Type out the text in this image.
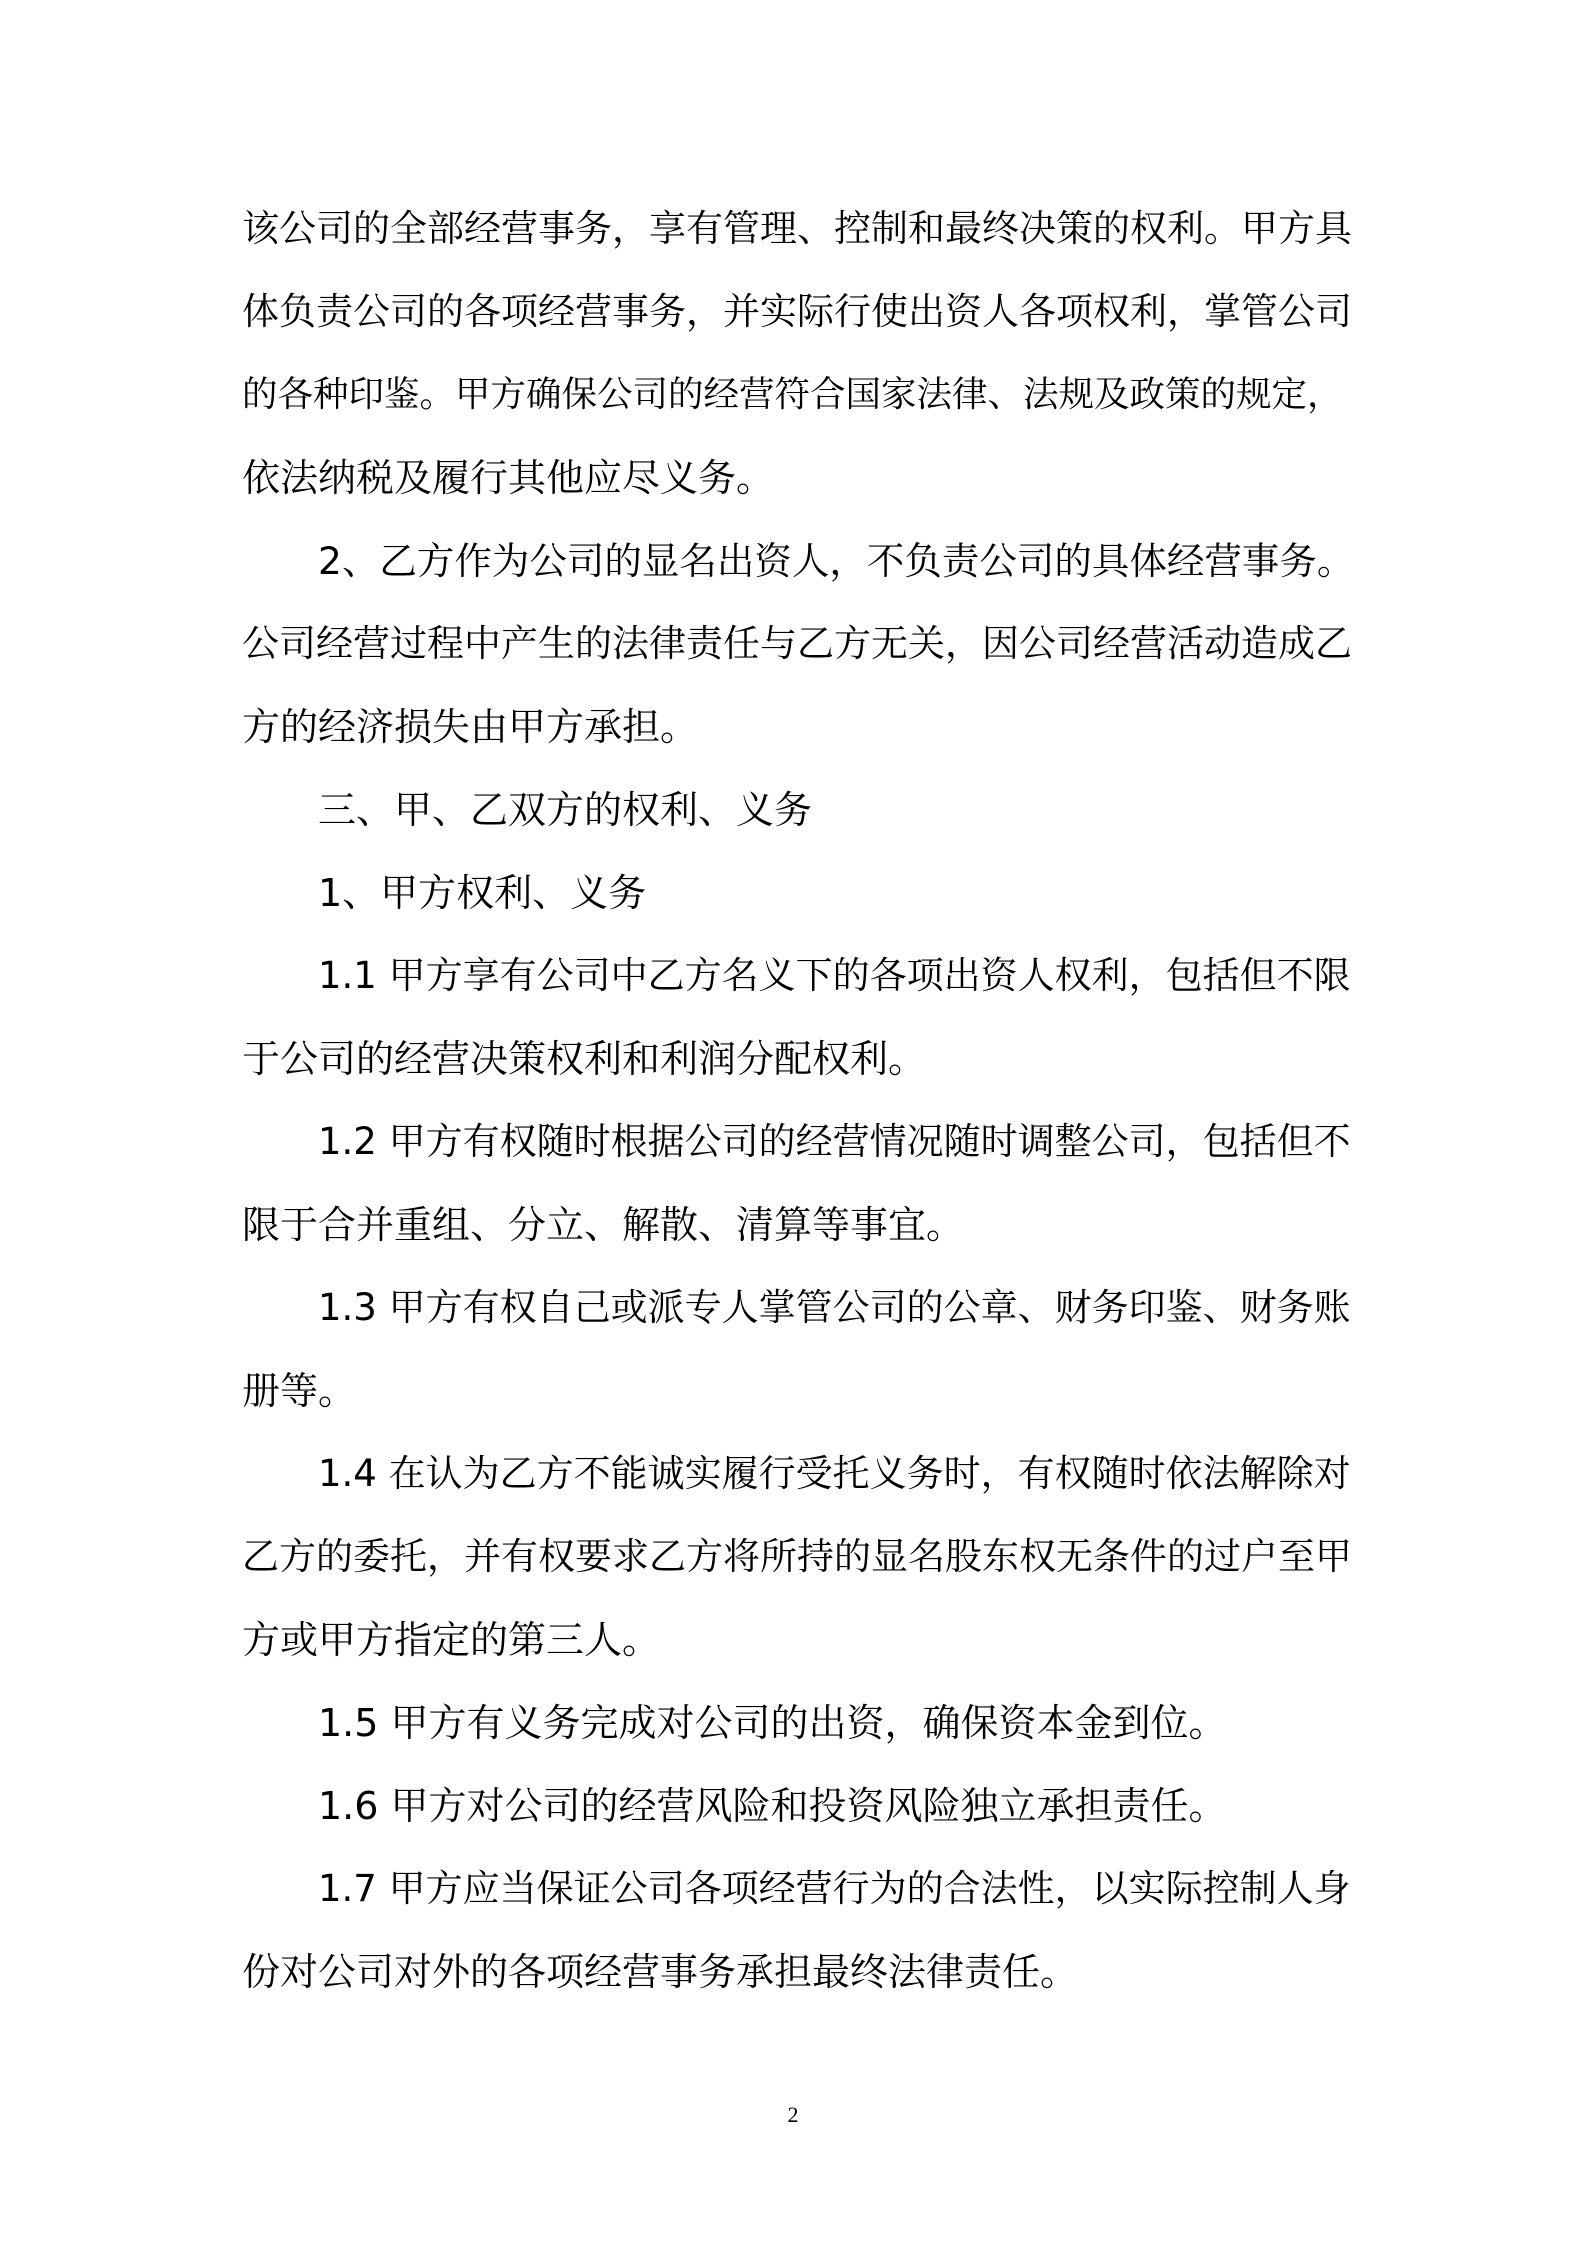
该公司的全部经营事务，享有管理、控制和最终决策的权利。甲方具
体负责公司的各项经营事务，并实际行使出资人各项权利，掌管公司
的各种印鉴。甲方确保公司的经营符合国家法律、法规及政策的规定，
依法纳税及履行其他应尽义务。
2、乙方作为公司的显名出资人，不负责公司的具体经营事务。
公司经营过程中产生的法律责任与乙方无关，因公司经营活动造成乙
方的经济损失由甲方承担。
三、甲、乙双方的权利、义务
1、甲方权利、义务
1.1 甲方享有公司中乙方名义下的各项出资人权利，包括但不限
于公司的经营决策权利和利润分配权利。
1.2 甲方有权随时根据公司的经营情况随时调整公司，包括但不
限于合并重组、分立、解散、清算等事宜。
1.3 甲方有权自己或派专人掌管公司的公章、财务印鉴、财务账
册等。
1.4 在认为乙方不能诚实履行受托义务时，有权随时依法解除对
乙方的委托，并有权要求乙方将所持的显名股东权无条件的过户至甲
方或甲方指定的第三人。
1.5 甲方有义务完成对公司的出资，确保资本金到位。
1.6 甲方对公司的经营风险和投资风险独立承担责任。
1.7 甲方应当保证公司各项经营行为的合法性，以实际控制人身
份对公司对外的各项经营事务承担最终法律责任。
2
